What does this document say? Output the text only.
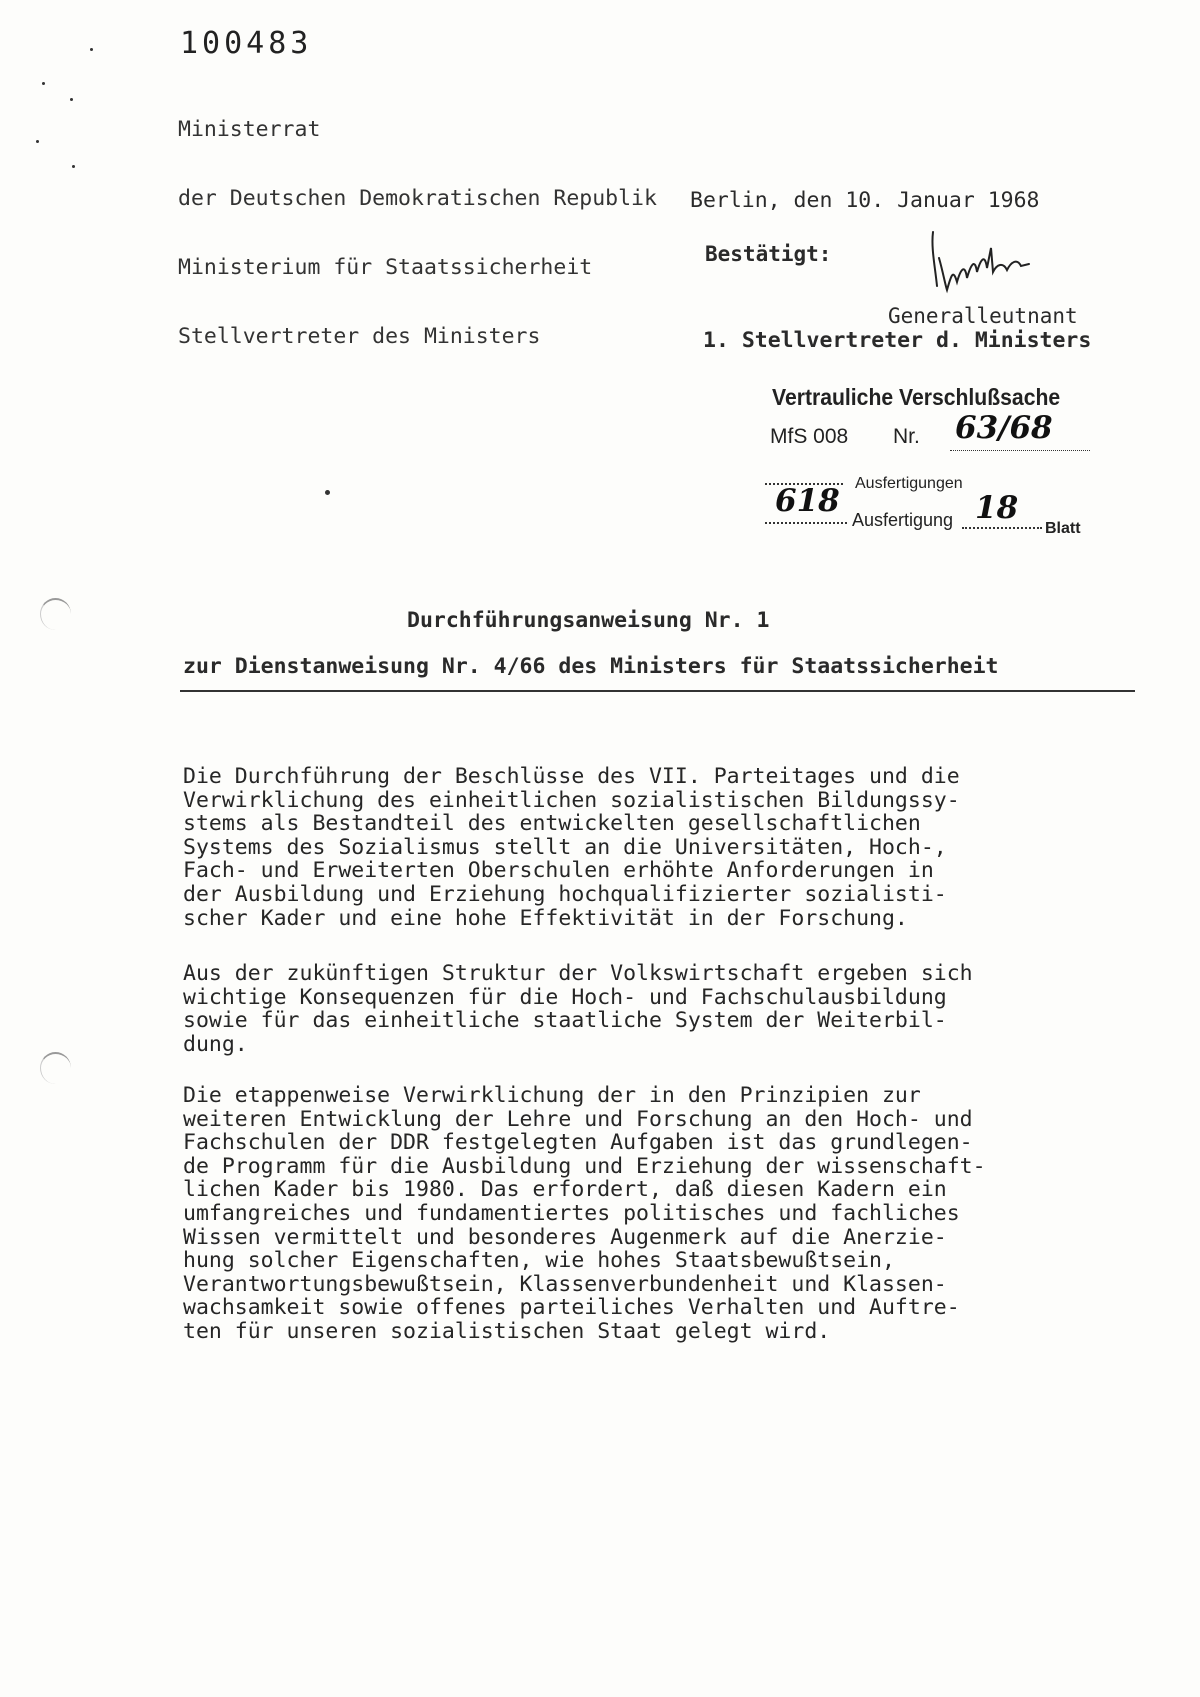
100483

Ministerrat

der Deutschen Demokratischen Republik

Ministerium für Staatssicherheit

Stellvertreter des Ministers

Berlin, den 10. Januar 1968
Bestätigt:
Generalleutnant
1. Stellvertreter d. Ministers
Vertrauliche Verschlußsache
MfS 008 Nr. 63/68
Ausfertigungen
618
Ausfertigung 18
Blatt
Durchführungsanweisung Nr. 1
zur Dienstanweisung Nr. 4/66 des Ministers für Staatssicherheit
Die Durchführung der Beschlüsse des VII. Parteitages und die
Verwirklichung des einheitlichen sozialistischen Bildungssy-
stems als Bestandteil des entwickelten gesellschaftlichen
Systems des Sozialismus stellt an die Universitäten, Hoch-,
Fach- und Erweiterten Oberschulen erhöhte Anforderungen in
der Ausbildung und Erziehung hochqualifizierter sozialisti-
scher Kader und eine hohe Effektivität in der Forschung.
Aus der zukünftigen Struktur der Volkswirtschaft ergeben sich
wichtige Konsequenzen für die Hoch- und Fachschulausbildung
sowie für das einheitliche staatliche System der Weiterbil-
dung.
Die etappenweise Verwirklichung der in den Prinzipien zur
weiteren Entwicklung der Lehre und Forschung an den Hoch- und
Fachschulen der DDR festgelegten Aufgaben ist das grundlegen-
de Programm für die Ausbildung und Erziehung der wissenschaft-
lichen Kader bis 1980. Das erfordert, daß diesen Kadern ein
umfangreiches und fundamentiertes politisches und fachliches
Wissen vermittelt und besonderes Augenmerk auf die Anerzie-
hung solcher Eigenschaften, wie hohes Staatsbewußtsein,
Verantwortungsbewußtsein, Klassenverbundenheit und Klassen-
wachsamkeit sowie offenes parteiliches Verhalten und Auftre-
ten für unseren sozialistischen Staat gelegt wird.
